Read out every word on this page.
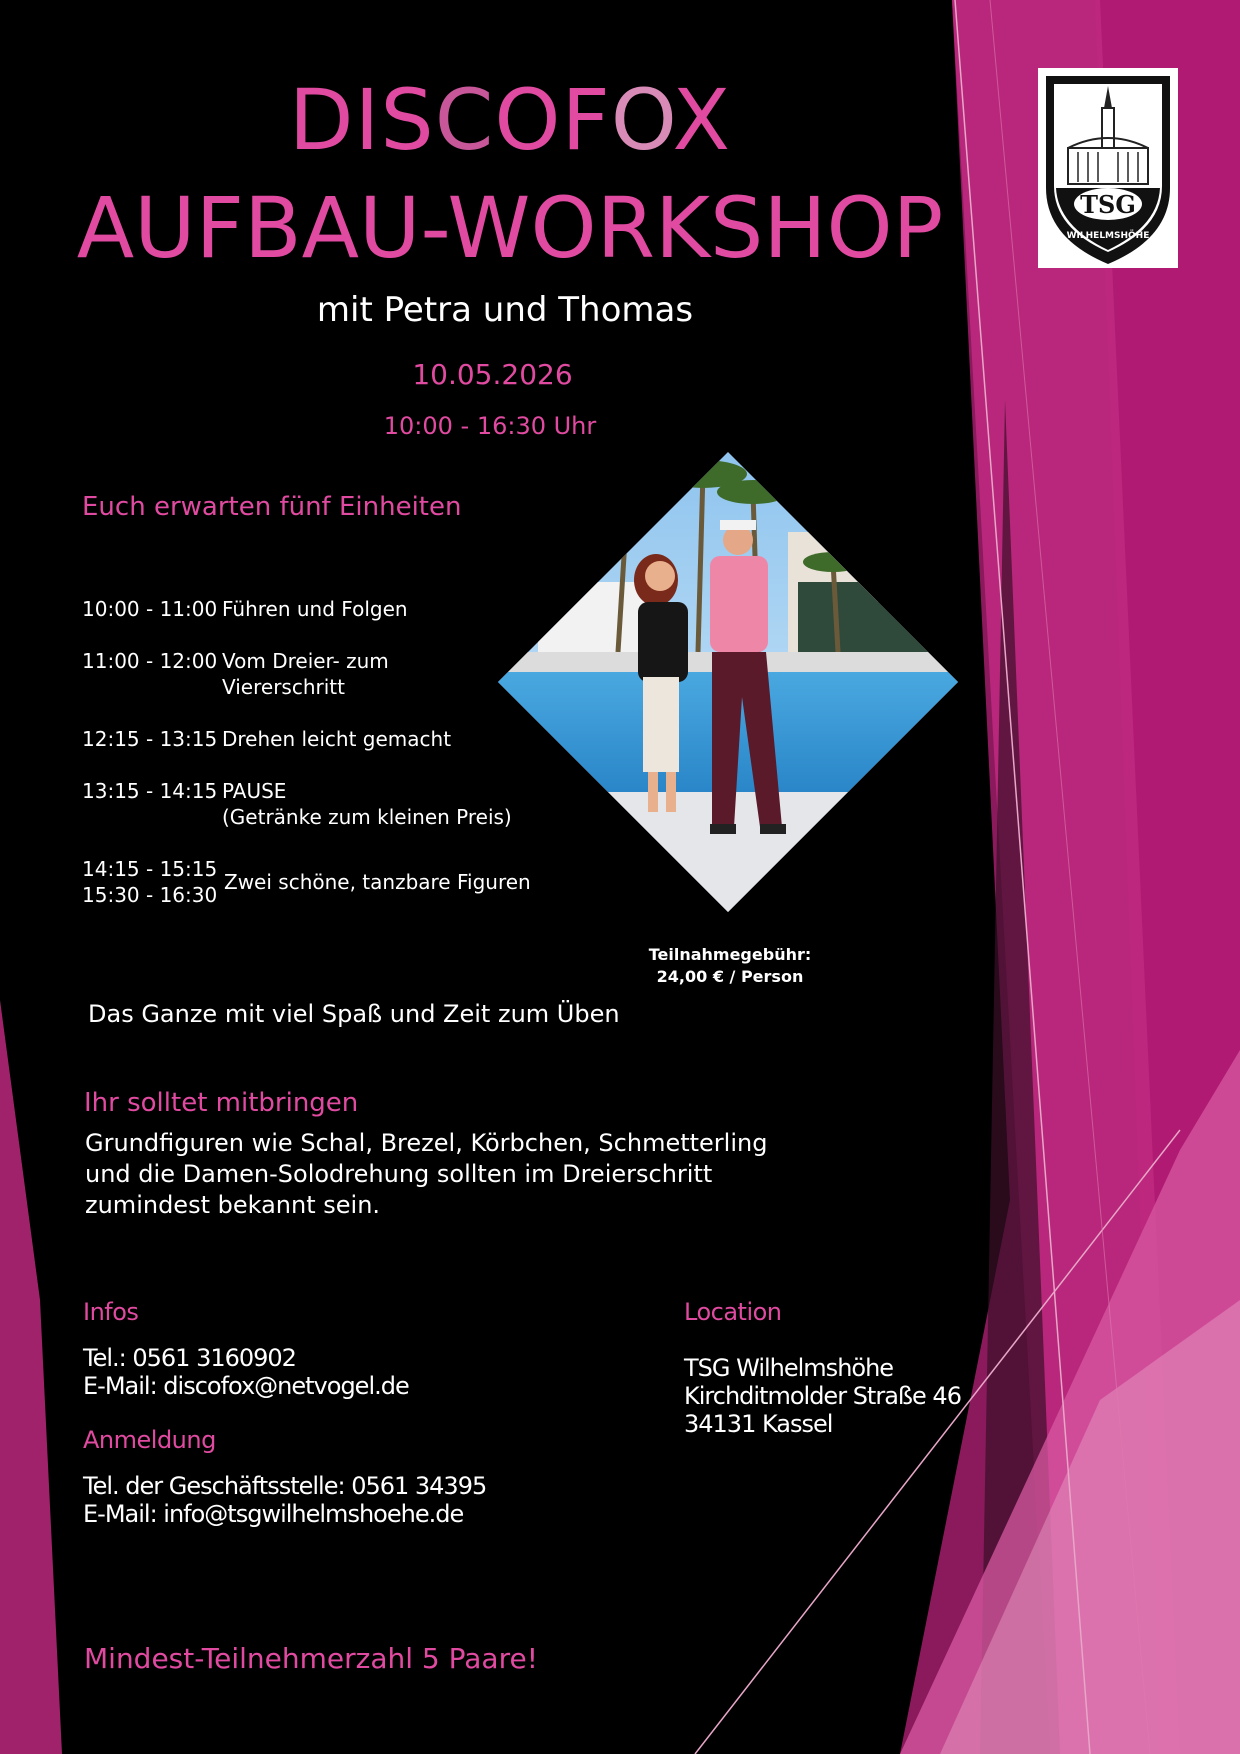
DISCOFOX
AUFBAU-WORKSHOP
mit Petra und Thomas
10.05.2026
10:00 - 16:30 Uhr
TSG
WILHELMSHÖHE
Euch erwarten fünf Einheiten
10:00 - 11:00 Führen und Folgen
11:00 - 12:00 Vom Dreier- zum
Viererschritt
12:15 - 13:15 Drehen leicht gemacht
13:15 - 14:15 PAUSE
(Getränke zum kleinen Preis)
14:15 - 15:15
15:30 - 16:30
Zwei schöne, tanzbare Figuren
Teilnahmegebühr:
24,00 € / Person
Das Ganze mit viel Spaß und Zeit zum Üben
Ihr solltet mitbringen
Grundfiguren wie Schal, Brezel, Körbchen, Schmetterling und die Damen-Solodrehung sollten im Dreierschritt zumindest bekannt sein.
Infos
Tel.: 0561 3160902
E-Mail: discofox@netvogel.de
Anmeldung
Tel. der Geschäftsstelle: 0561 34395
E-Mail: info@tsgwilhelmshoehe.de
Location
TSG Wilhelmshöhe
Kirchditmolder Straße 46
34131 Kassel
Mindest-Teilnehmerzahl 5 Paare!
